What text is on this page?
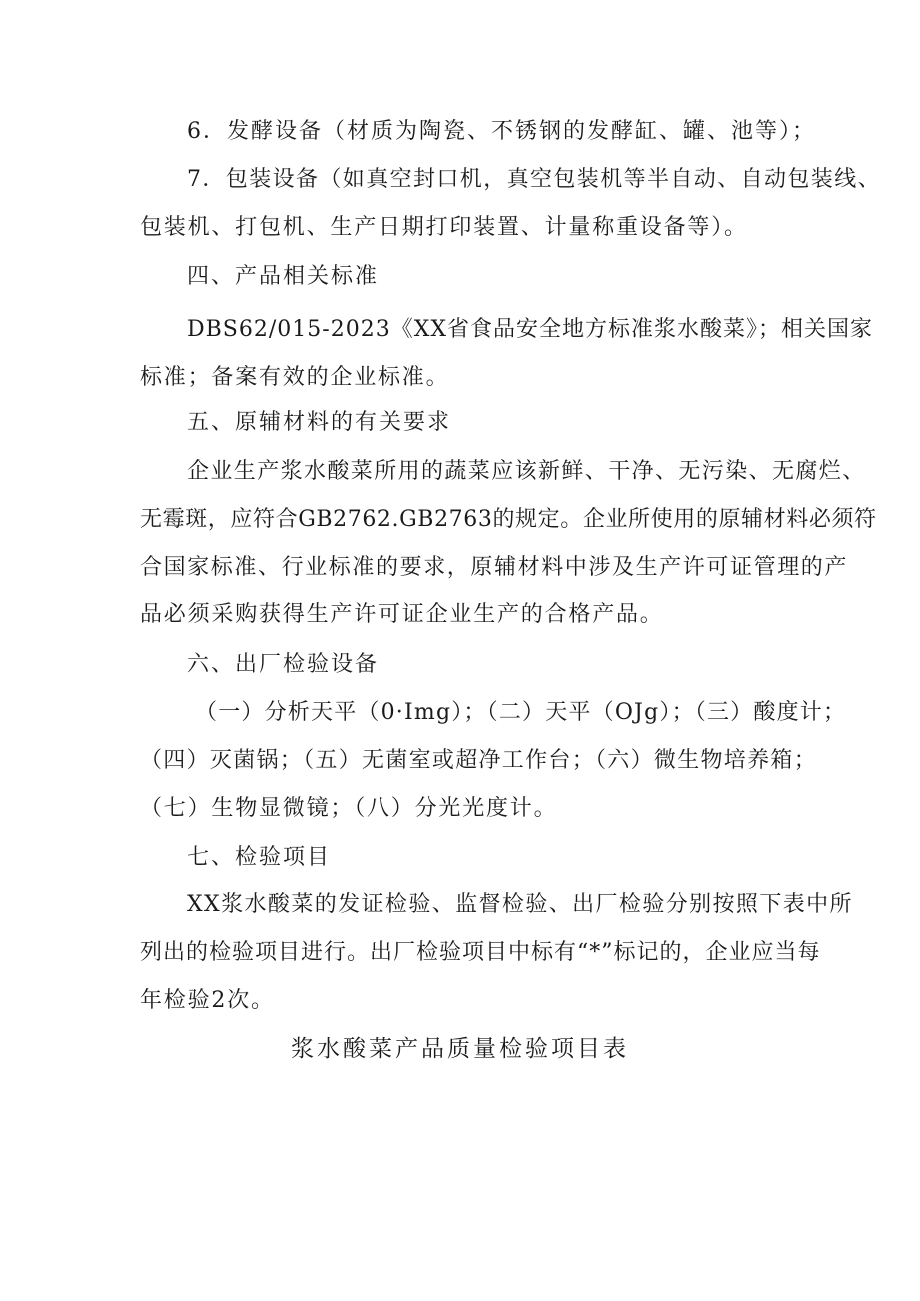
6．发酵设备（材质为陶瓷、不锈钢的发酵缸、罐、池等）；
7．包装设备（如真空封口机，真空包装机等半自动、自动包装线、
包装机、打包机、生产日期打印装置、计量称重设备等）。
四、产品相关标准
DBS62/015-2023《XX省食品安全地方标准浆水酸菜》；相关国家
标准；备案有效的企业标准。
五、原辅材料的有关要求
企业生产浆水酸菜所用的蔬菜应该新鲜、干净、无污染、无腐烂、
无霉斑，应符合GB2762.GB2763的规定。企业所使用的原辅材料必须符
合国家标准、行业标准的要求，原辅材料中涉及生产许可证管理的产
品必须采购获得生产许可证企业生产的合格产品。
六、出厂检验设备
（一）分析天平（0·Img）；（二）天平（OJg）；（三）酸度计；
（四）灭菌锅；（五）无菌室或超净工作台；（六）微生物培养箱；
（七）生物显微镜；（八）分光光度计。
七、检验项目
XX浆水酸菜的发证检验、监督检验、出厂检验分别按照下表中所
列出的检验项目进行。出厂检验项目中标有“*”标记的，企业应当每
年检验2次。
浆水酸菜产品质量检验项目表
